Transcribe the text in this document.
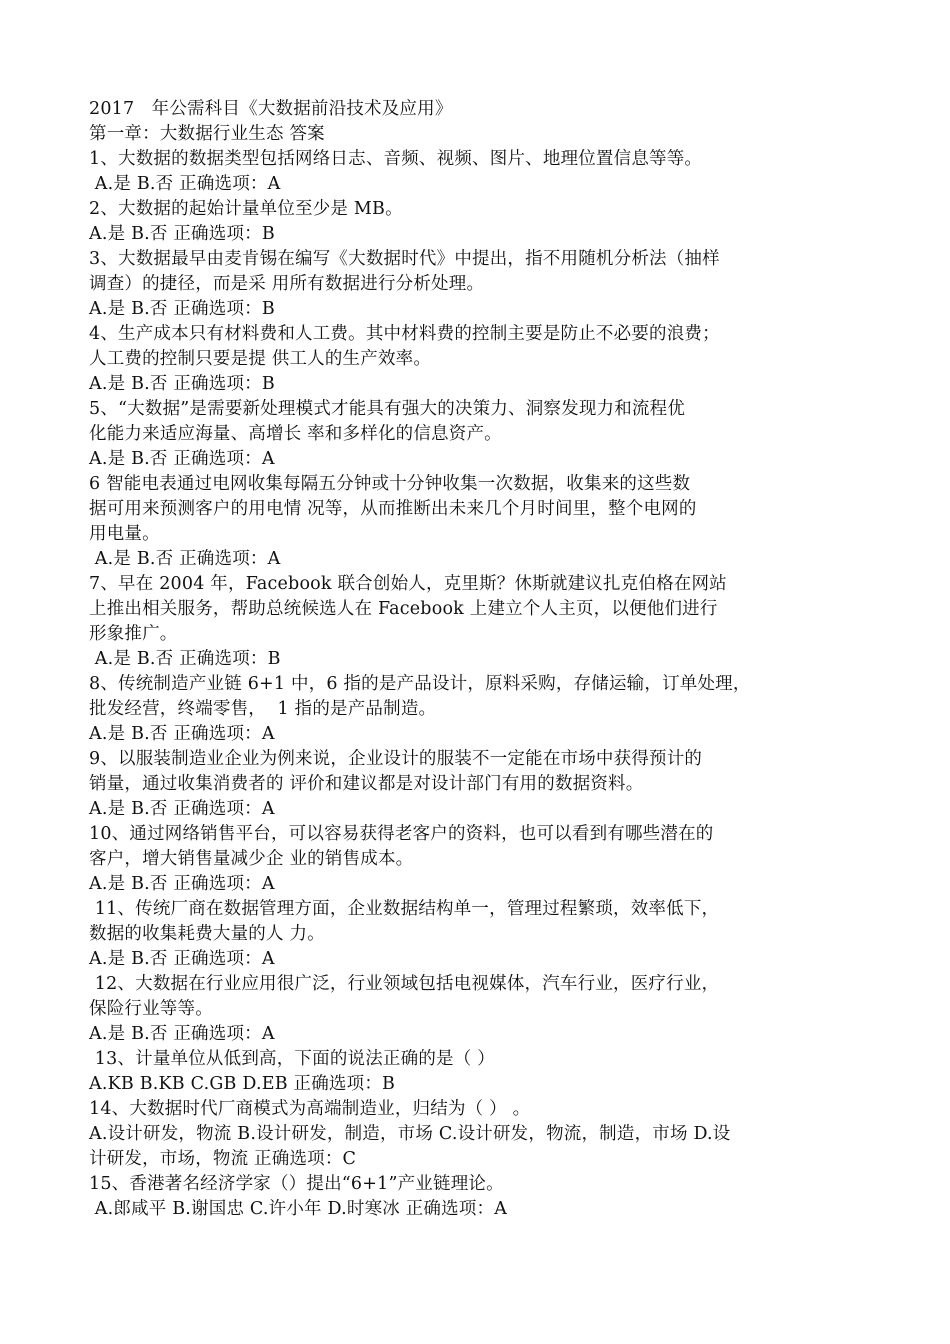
2017   年公需科目《大数据前沿技术及应用》
第一章：大数据行业生态 答案
1、大数据的数据类型包括网络日志、音频、视频、图片、地理位置信息等等。
A.是 B.否 正确选项：A
2、大数据的起始计量单位至少是 MB。
A.是 B.否 正确选项：B
3、大数据最早由麦肯锡在编写《大数据时代》中提出，指不用随机分析法（抽样
调查）的捷径，而是采 用所有数据进行分析处理。
A.是 B.否 正确选项：B
4、生产成本只有材料费和人工费。其中材料费的控制主要是防止不必要的浪费；
人工费的控制只要是提 供工人的生产效率。
A.是 B.否 正确选项：B
5、“大数据”是需要新处理模式才能具有强大的决策力、洞察发现力和流程优
化能力来适应海量、高增长 率和多样化的信息资产。
A.是 B.否 正确选项：A
6 智能电表通过电网收集每隔五分钟或十分钟收集一次数据，收集来的这些数
据可用来预测客户的用电情 况等，从而推断出未来几个月时间里，整个电网的
用电量。
A.是 B.否 正确选项：A
7、早在 2004 年，Facebook 联合创始人，克里斯？休斯就建议扎克伯格在网站
上推出相关服务，帮助总统候选人在 Facebook 上建立个人主页，以便他们进行
形象推广。
A.是 B.否 正确选项：B
8、传统制造产业链 6+1 中，6 指的是产品设计，原料采购，存储运输，订单处理，
批发经营，终端零售，  1 指的是产品制造。
A.是 B.否 正确选项：A
9、以服装制造业企业为例来说，企业设计的服装不一定能在市场中获得预计的
销量，通过收集消费者的 评价和建议都是对设计部门有用的数据资料。
A.是 B.否 正确选项：A
10、通过网络销售平台，可以容易获得老客户的资料，也可以看到有哪些潜在的
客户，增大销售量减少企 业的销售成本。
A.是 B.否 正确选项：A
11、传统厂商在数据管理方面，企业数据结构单一，管理过程繁琐，效率低下，
数据的收集耗费大量的人 力。
A.是 B.否 正确选项：A
12、大数据在行业应用很广泛，行业领域包括电视媒体，汽车行业，医疗行业，
保险行业等等。
A.是 B.否 正确选项：A
13、计量单位从低到高，下面的说法正确的是（ ）
A.KB B.KB C.GB D.EB 正确选项：B
14、大数据时代厂商模式为高端制造业，归结为（ ） 。
A.设计研发，物流 B.设计研发，制造，市场 C.设计研发，物流，制造，市场 D.设
计研发，市场，物流 正确选项：C
15、香港著名经济学家（）提出“6+1”产业链理论。
A.郎咸平 B.谢国忠 C.许小年 D.时寒冰 正确选项：A
